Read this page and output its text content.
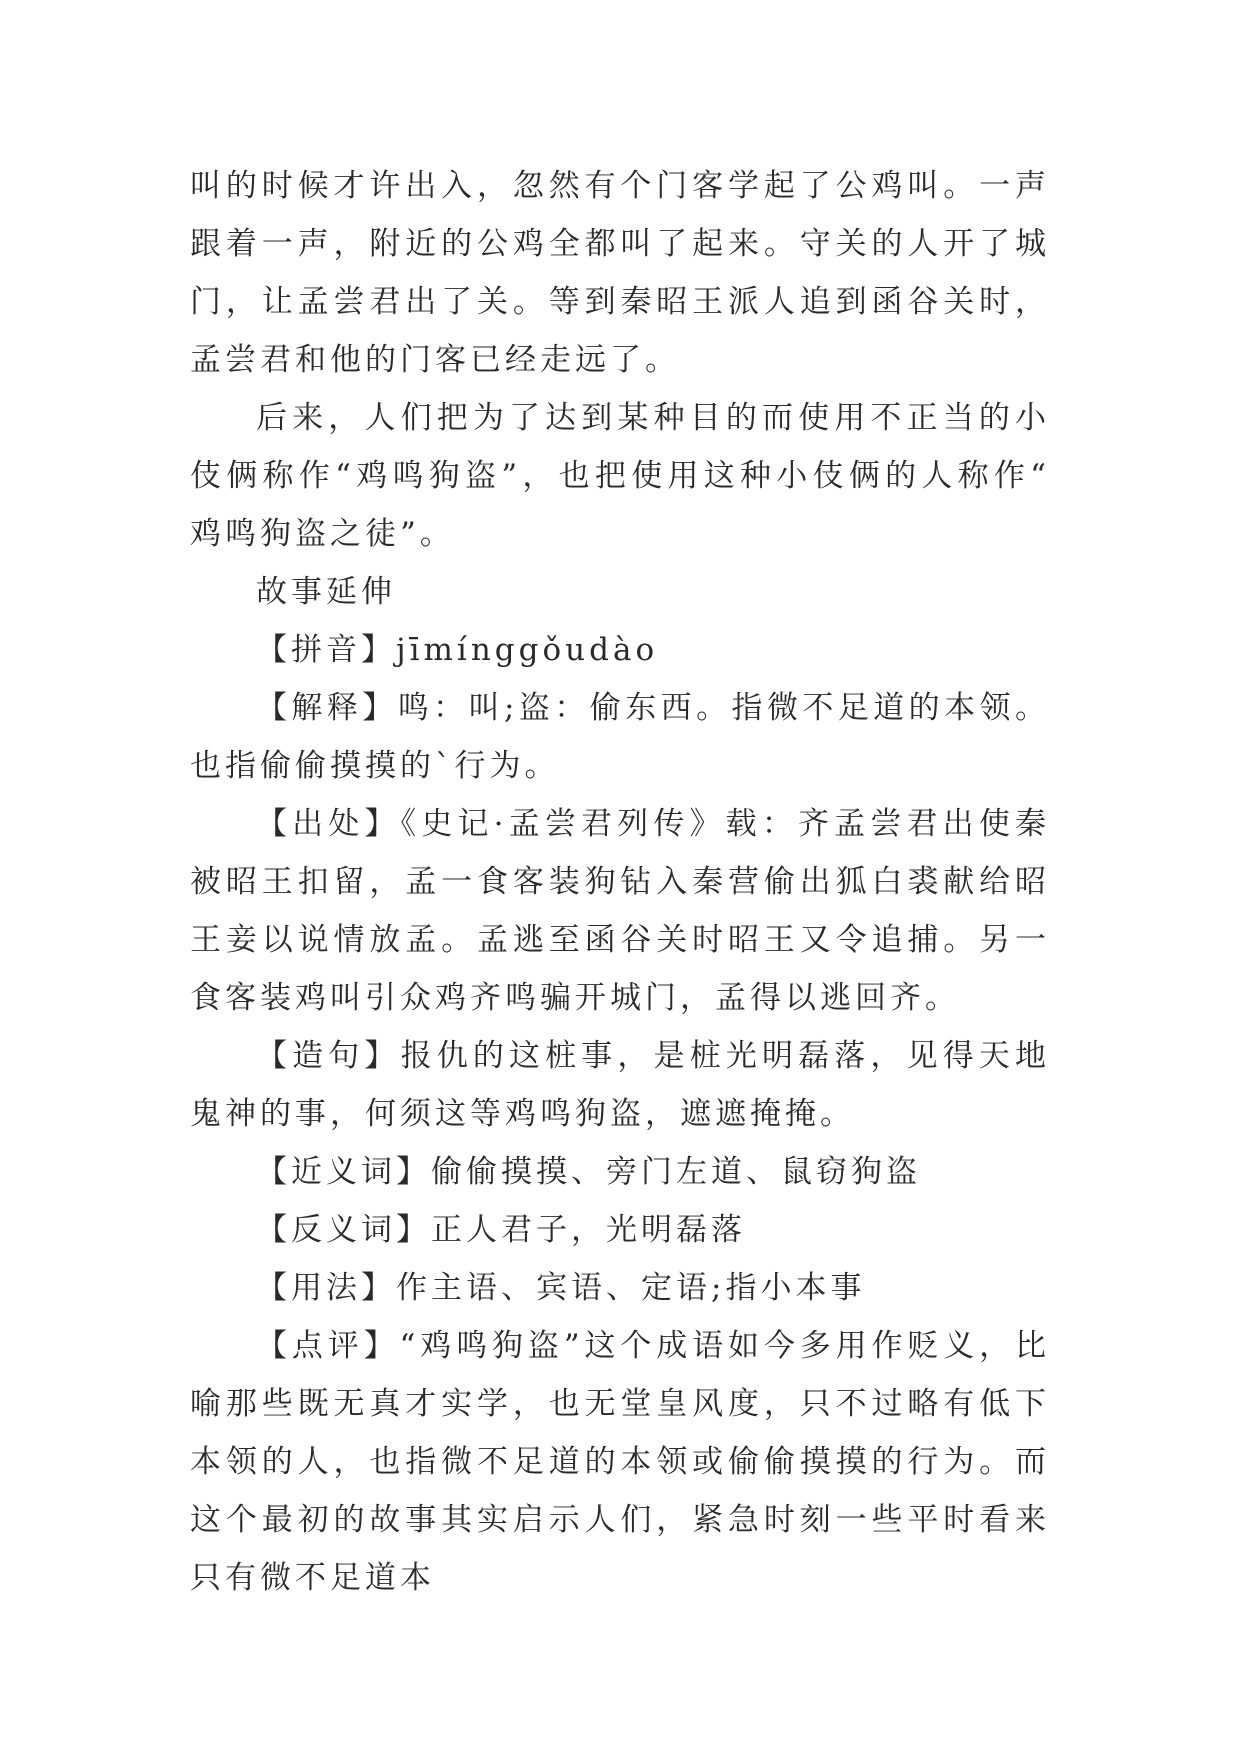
叫的时候才许出入，忽然有个门客学起了公鸡叫。一声跟着一声，附近的公鸡全都叫了起来。守关的人开了城门，让孟尝君出了关。等到秦昭王派人追到函谷关时，孟尝君和他的门客已经走远了。

后来，人们把为了达到某种目的而使用不正当的小伎俩称作“鸡鸣狗盗”，也把使用这种小伎俩的人称作“鸡鸣狗盗之徒”。

故事延伸

【拼音】jīmínggǒudào

【解释】鸣：叫;盗：偷东西。指微不足道的本领。也指偷偷摸摸的`行为。

【出处】《史记·孟尝君列传》载：齐孟尝君出使秦被昭王扣留，孟一食客装狗钻入秦营偷出狐白裘献给昭王妾以说情放孟。孟逃至函谷关时昭王又令追捕。另一食客装鸡叫引众鸡齐鸣骗开城门，孟得以逃回齐。

【造句】报仇的这桩事，是桩光明磊落，见得天地鬼神的事，何须这等鸡鸣狗盗，遮遮掩掩。

【近义词】偷偷摸摸、旁门左道、鼠窃狗盗

【反义词】正人君子，光明磊落

【用法】作主语、宾语、定语;指小本事

【点评】“鸡鸣狗盗”这个成语如今多用作贬义，比喻那些既无真才实学，也无堂皇风度，只不过略有低下本领的人，也指微不足道的本领或偷偷摸摸的行为。而这个最初的故事其实启示人们，紧急时刻一些平时看来只有微不足道本
